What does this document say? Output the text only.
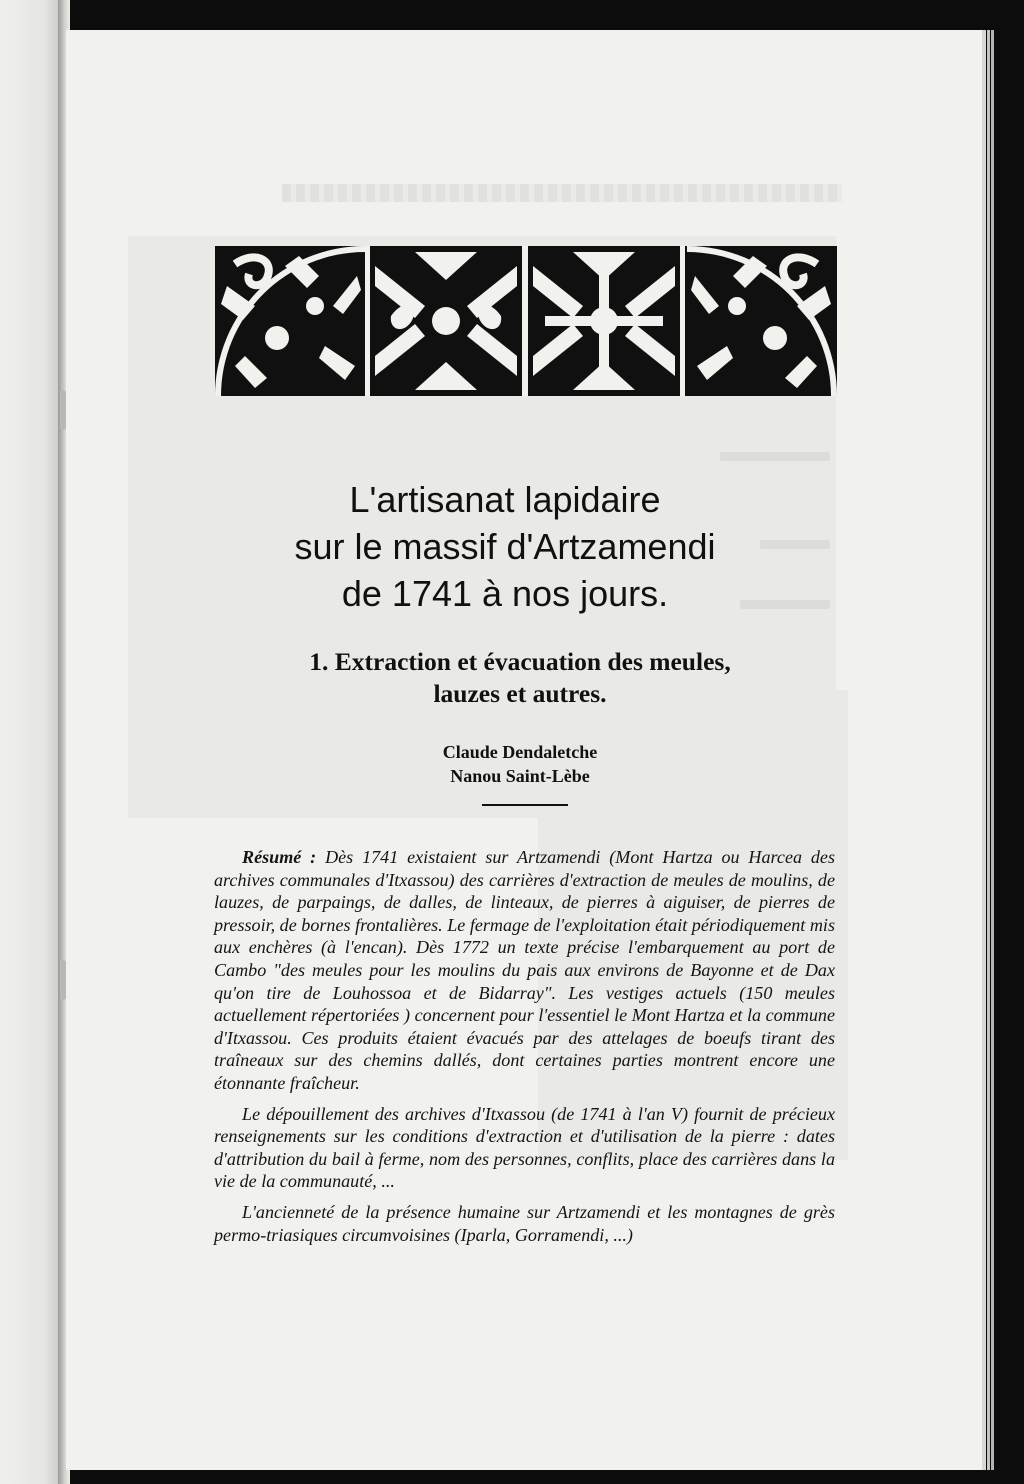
L'artisanat lapidaire
sur le massif d'Artzamendi
de 1741 à nos jours.
1. Extraction et évacuation des meules,
lauzes et autres.
Claude Dendaletche
Nanou Saint-Lèbe

Résumé : Dès 1741 existaient sur Artzamendi (Mont Hartza ou Harcea des archives communales d'Itxassou) des carrières d'extraction de meules de moulins, de lauzes, de parpaings, de dalles, de linteaux, de pierres à aiguiser, de pierres de pressoir, de bornes frontalières. Le fermage de l'exploitation était périodiquement mis aux enchères (à l'encan). Dès 1772 un texte précise l'embarquement au port de Cambo "des meules pour les moulins du pais aux environs de Bayonne et de Dax qu'on tire de Louhossoa et de Bidarray". Les vestiges actuels (150 meules actuellement répertoriées ) concernent pour l'essentiel le Mont Hartza et la commune d'Itxassou. Ces produits étaient évacués par des attelages de boeufs tirant des traîneaux sur des chemins dallés, dont certaines parties montrent encore une étonnante fraîcheur.

Le dépouillement des archives d'Itxassou (de 1741 à l'an V) fournit de précieux renseignements sur les conditions d'extraction et d'utilisation de la pierre : dates d'attribution du bail à ferme, nom des personnes, conflits, place des carrières dans la vie de la communauté, ...

L'ancienneté de la présence humaine sur Artzamendi et les montagnes de grès permo-triasiques circumvoisines (Iparla, Gorramendi, ...)
